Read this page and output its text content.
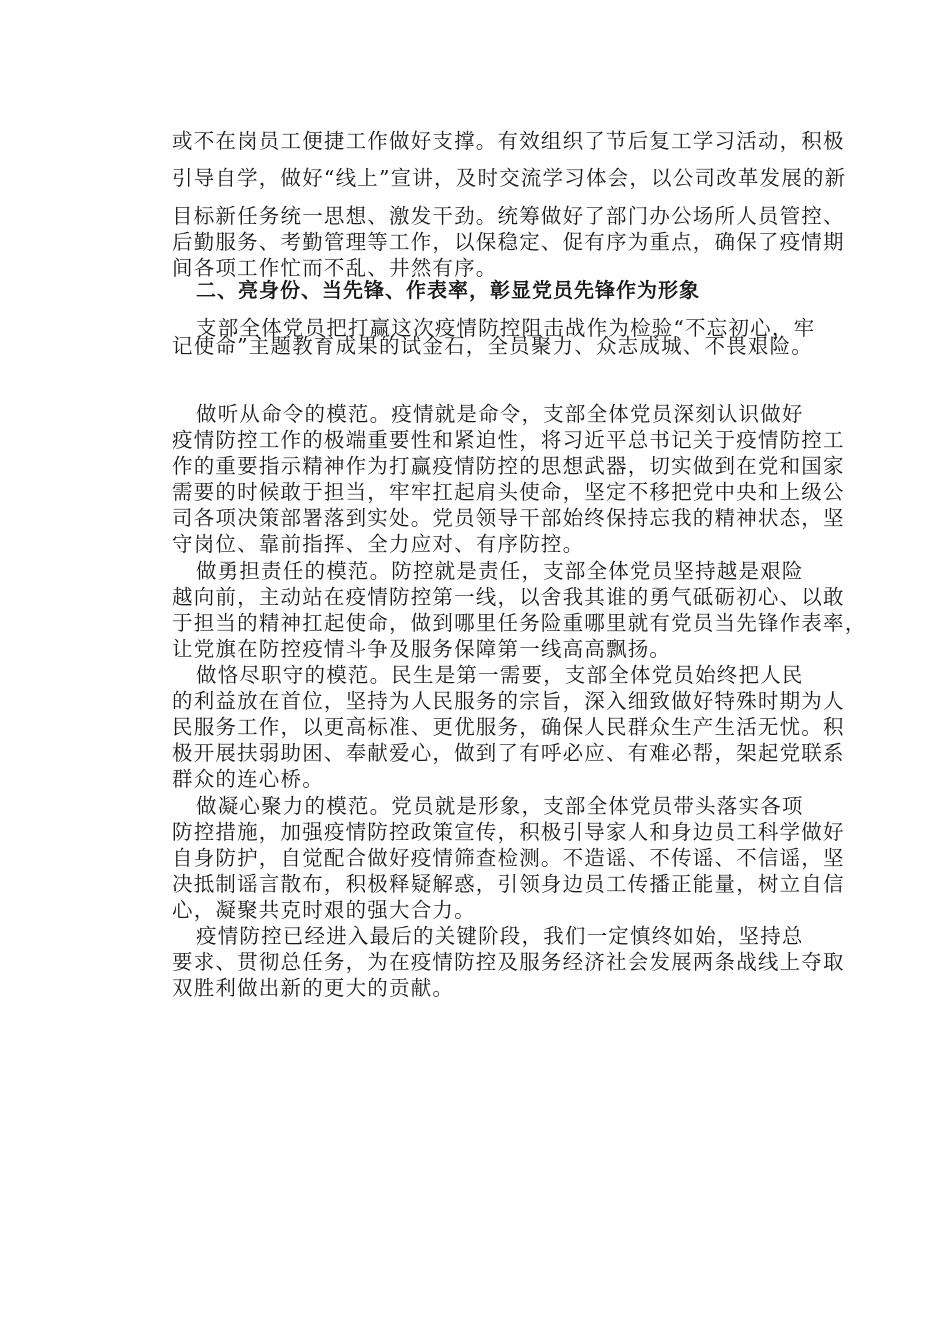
或不在岗员工便捷工作做好支撑。有效组织了节后复工学习活动，积极
引导自学，做好“线上”宣讲，及时交流学习体会，以公司改革发展的新
目标新任务统一思想、激发干劲。统筹做好了部门办公场所人员管控、
后勤服务、考勤管理等工作，以保稳定、促有序为重点，确保了疫情期
间各项工作忙而不乱、井然有序。
二、亮身份、当先锋、作表率，彰显党员先锋作为形象
支部全体党员把打赢这次疫情防控阻击战作为检验“不忘初心，牢
记使命”主题教育成果的试金石，全员聚力、众志成城、不畏艰险。
做听从命令的模范。疫情就是命令，支部全体党员深刻认识做好
疫情防控工作的极端重要性和紧迫性，将习近平总书记关于疫情防控工
作的重要指示精神作为打赢疫情防控的思想武器，切实做到在党和国家
需要的时候敢于担当，牢牢扛起肩头使命，坚定不移把党中央和上级公
司各项决策部署落到实处。党员领导干部始终保持忘我的精神状态，坚
守岗位、靠前指挥、全力应对、有序防控。
做勇担责任的模范。防控就是责任，支部全体党员坚持越是艰险
越向前，主动站在疫情防控第一线，以舍我其谁的勇气砥砺初心、以敢
于担当的精神扛起使命，做到哪里任务险重哪里就有党员当先锋作表率，
让党旗在防控疫情斗争及服务保障第一线高高飘扬。
做恪尽职守的模范。民生是第一需要，支部全体党员始终把人民
的利益放在首位，坚持为人民服务的宗旨，深入细致做好特殊时期为人
民服务工作，以更高标准、更优服务，确保人民群众生产生活无忧。积
极开展扶弱助困、奉献爱心，做到了有呼必应、有难必帮，架起党联系
群众的连心桥。
做凝心聚力的模范。党员就是形象，支部全体党员带头落实各项
防控措施，加强疫情防控政策宣传，积极引导家人和身边员工科学做好
自身防护，自觉配合做好疫情筛查检测。不造谣、不传谣、不信谣，坚
决抵制谣言散布，积极释疑解惑，引领身边员工传播正能量，树立自信
心，凝聚共克时艰的强大合力。
疫情防控已经进入最后的关键阶段，我们一定慎终如始，坚持总
要求、贯彻总任务，为在疫情防控及服务经济社会发展两条战线上夺取
双胜利做出新的更大的贡献。
